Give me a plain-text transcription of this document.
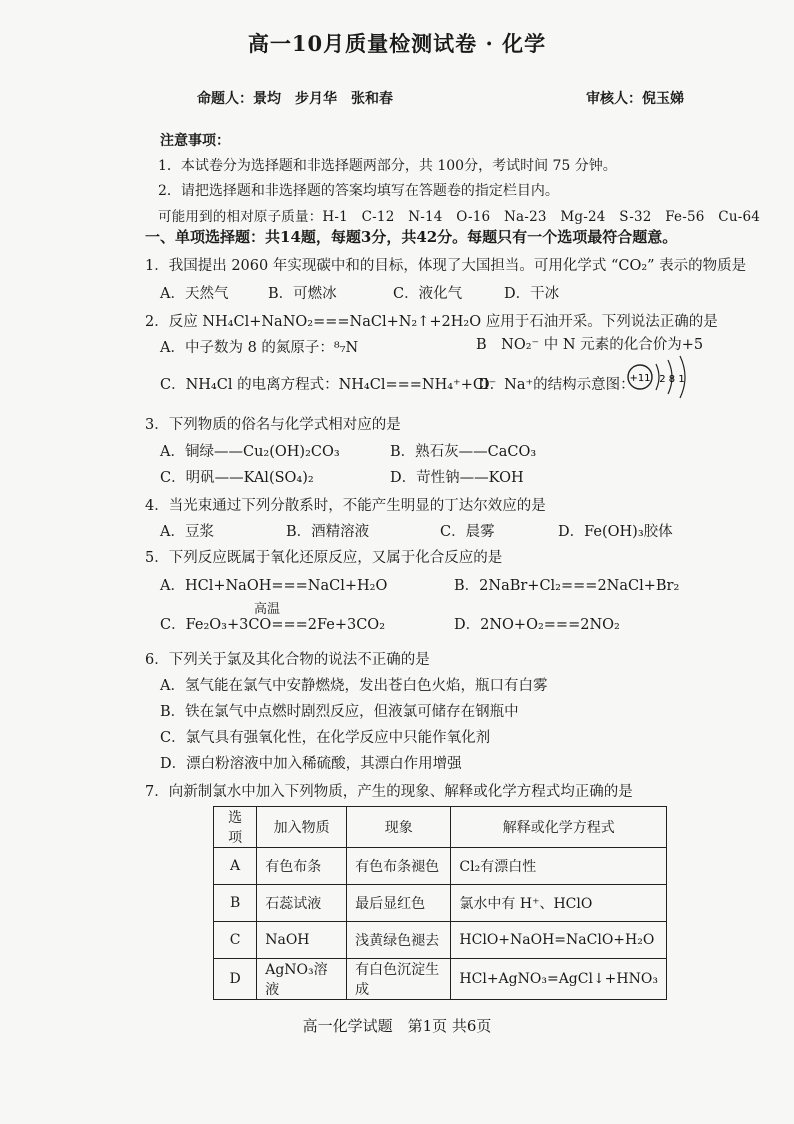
高一10月质量检测试卷 · 化学
命题人：景均　步月华　张和春	审核人：倪玉娣
注意事项：
1．本试卷分为选择题和非选择题两部分，共 100分，考试时间 75 分钟。
2．请把选择题和非选择题的答案均填写在答题卷的指定栏目内。
可能用到的相对原子质量：H-1　C-12　N-14　O-16　Na-23　Mg-24　S-32　Fe-56　Cu-64
一、单项选择题：共14题，每题3分，共42分。每题只有一个选项最符合题意。
1．我国提出 2060 年实现碳中和的目标，体现了大国担当。可用化学式 “CO₂” 表示的物质是
A．天然气	B．可燃冰	C．液化气	D．干冰
2．反应 NH₄Cl+NaNO₂===NaCl+N₂↑+2H₂O 应用于石油开采。下列说法正确的是
A．中子数为 8 的氮原子：⁸₇N	B　NO₂⁻ 中 N 元素的化合价为+5
C．NH₄Cl 的电离方程式：NH₄Cl===NH₄⁺+Cl⁻
D．Na⁺的结构示意图：
+11 2 8 1
3．下列物质的俗名与化学式相对应的是
A．铜绿——Cu₂(OH)₂CO₃	B．熟石灰——CaCO₃
C．明矾——KAl(SO₄)₂	D．苛性钠——KOH
4．当光束通过下列分散系时，不能产生明显的丁达尔效应的是
A．豆浆	B．酒精溶液	C．晨雾	D．Fe(OH)₃胶体
5．下列反应既属于氧化还原反应，又属于化合反应的是
A．HCl+NaOH===NaCl+H₂O	B．2NaBr+Cl₂===2NaCl+Br₂
高温
C．Fe₂O₃+3CO===2Fe+3CO₂	D．2NO+O₂===2NO₂
6．下列关于氯及其化合物的说法不正确的是
A．氢气能在氯气中安静燃烧，发出苍白色火焰，瓶口有白雾
B．铁在氯气中点燃时剧烈反应，但液氯可储存在钢瓶中
C．氯气具有强氧化性，在化学反应中只能作氧化剂
D．漂白粉溶液中加入稀硫酸，其漂白作用增强
7．向新制氯水中加入下列物质，产生的现象、解释或化学方程式均正确的是
选项	加入物质	现象	解释或化学方程式
A	有色布条	有色布条褪色	Cl₂有漂白性
B	石蕊试液	最后显红色	氯水中有 H⁺、HClO
C	NaOH	浅黄绿色褪去	HClO+NaOH=NaClO+H₂O
D	AgNO₃溶液	有白色沉淀生成	HCl+AgNO₃=AgCl↓+HNO₃
高一化学试题　第1页 共6页
